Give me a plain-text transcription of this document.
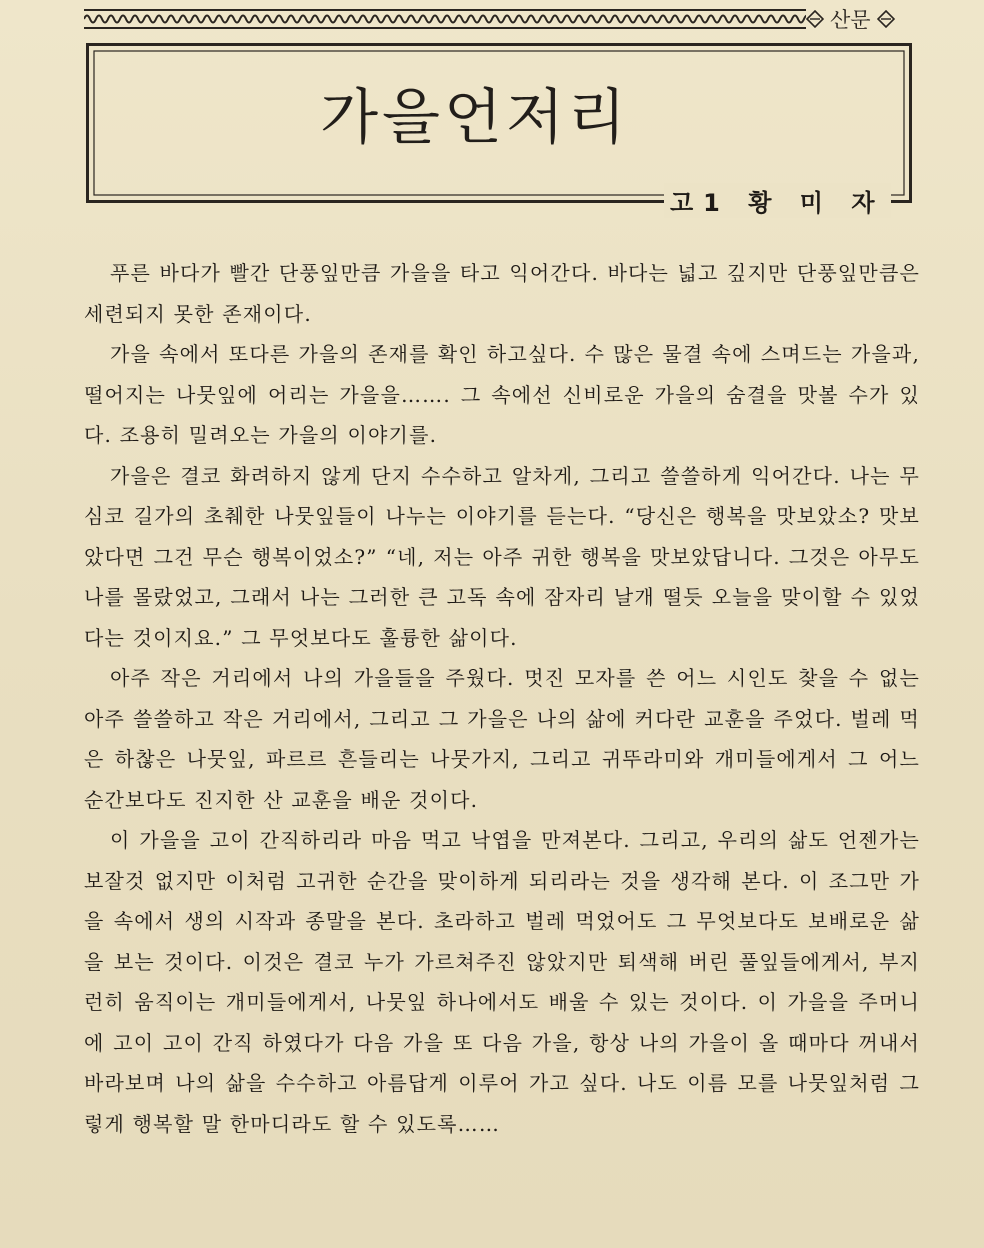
산문
가을언저리
고1 황 미 자

푸른 바다가 빨간 단풍잎만큼 가을을 타고 익어간다. 바다는 넓고 깊지만 단풍잎만큼은 세련되지 못한 존재이다.

가을 속에서 또다른 가을의 존재를 확인 하고싶다. 수 많은 물결 속에 스며드는 가을과, 떨어지는 나뭇잎에 어리는 가을을……. 그 속에선 신비로운 가을의 숨결을 맛볼 수가 있다. 조용히 밀려오는 가을의 이야기를.

가을은 결코 화려하지 않게 단지 수수하고 알차게, 그리고 쓸쓸하게 익어간다. 나는 무심코 길가의 초췌한 나뭇잎들이 나누는 이야기를 듣는다. “당신은 행복을 맛보았소? 맛보았다면 그건 무슨 행복이었소?” “네, 저는 아주 귀한 행복을 맛보았답니다. 그것은 아무도 나를 몰랐었고, 그래서 나는 그러한 큰 고독 속에 잠자리 날개 떨듯 오늘을 맞이할 수 있었다는 것이지요.” 그 무엇보다도 훌륭한 삶이다.

아주 작은 거리에서 나의 가을들을 주웠다. 멋진 모자를 쓴 어느 시인도 찾을 수 없는 아주 쓸쓸하고 작은 거리에서, 그리고 그 가을은 나의 삶에 커다란 교훈을 주었다. 벌레 먹은 하찮은 나뭇잎, 파르르 흔들리는 나뭇가지, 그리고 귀뚜라미와 개미들에게서 그 어느 순간보다도 진지한 산 교훈을 배운 것이다.

이 가을을 고이 간직하리라 마음 먹고 낙엽을 만져본다. 그리고, 우리의 삶도 언젠가는 보잘것 없지만 이처럼 고귀한 순간을 맞이하게 되리라는 것을 생각해 본다. 이 조그만 가을 속에서 생의 시작과 종말을 본다. 초라하고 벌레 먹었어도 그 무엇보다도 보배로운 삶을 보는 것이다. 이것은 결코 누가 가르쳐주진 않았지만 퇴색해 버린 풀잎들에게서, 부지런히 움직이는 개미들에게서, 나뭇잎 하나에서도 배울 수 있는 것이다. 이 가을을 주머니에 고이 고이 간직 하였다가 다음 가을 또 다음 가을, 항상 나의 가을이 올 때마다 꺼내서 바라보며 나의 삶을 수수하고 아름답게 이루어 가고 싶다. 나도 이름 모를 나뭇잎처럼 그렇게 행복할 말 한마디라도 할 수 있도록……
